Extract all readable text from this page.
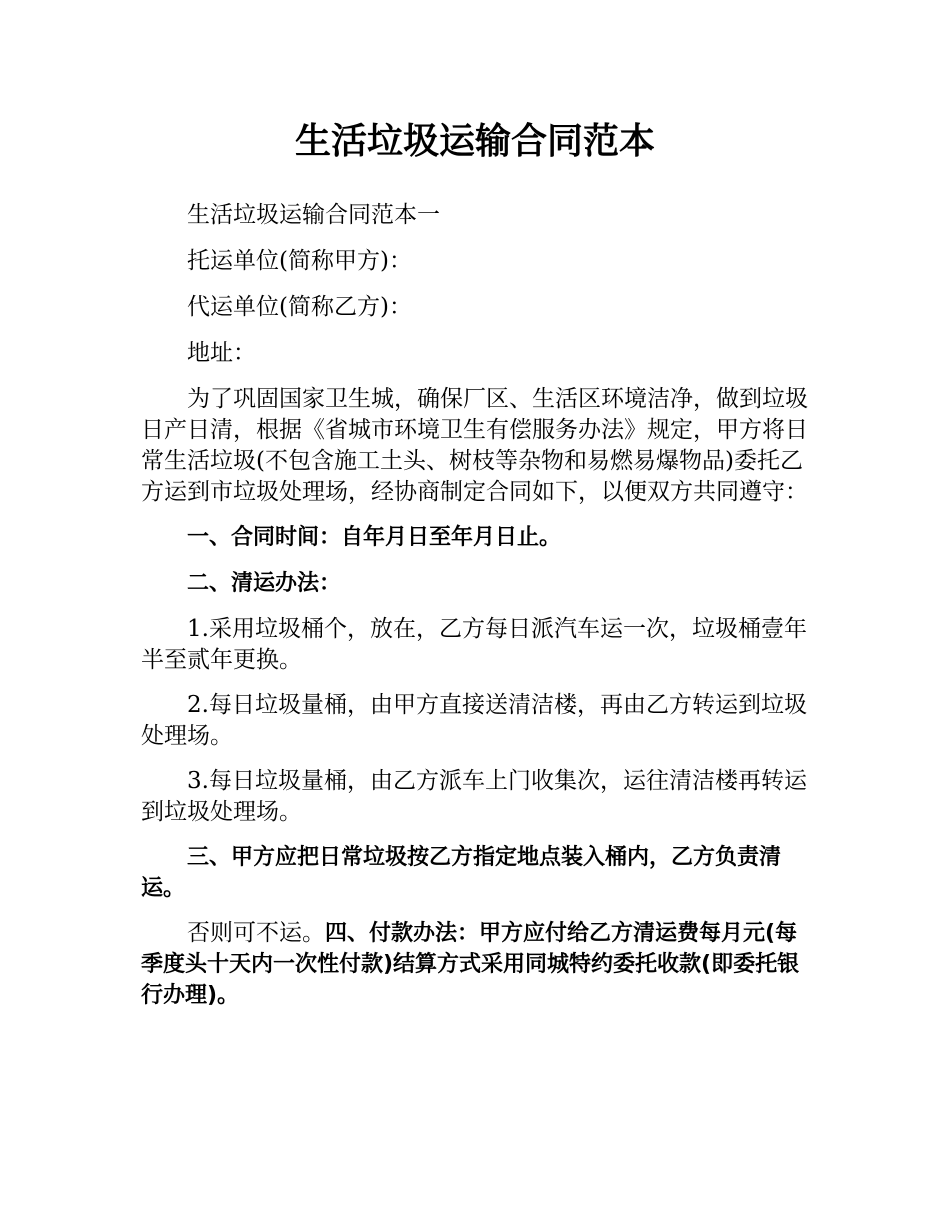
生活垃圾运输合同范本

生活垃圾运输合同范本一

托运单位(简称甲方)：

代运单位(简称乙方)：

地址：

为了巩固国家卫生城，确保厂区、生活区环境洁净，做到垃圾日产日清，根据《省城市环境卫生有偿服务办法》规定，甲方将日常生活垃圾(不包含施工土头、树枝等杂物和易燃易爆物品)委托乙方运到市垃圾处理场，经协商制定合同如下，以便双方共同遵守：

一、合同时间：自年月日至年月日止。

二、清运办法：

1.采用垃圾桶个，放在，乙方每日派汽车运一次，垃圾桶壹年半至贰年更换。

2.每日垃圾量桶，由甲方直接送清洁楼，再由乙方转运到垃圾处理场。

3.每日垃圾量桶，由乙方派车上门收集次，运往清洁楼再转运到垃圾处理场。

三、甲方应把日常垃圾按乙方指定地点装入桶内，乙方负责清运。

否则可不运。四、付款办法：甲方应付给乙方清运费每月元(每季度头十天内一次性付款)结算方式采用同城特约委托收款(即委托银行办理)。
